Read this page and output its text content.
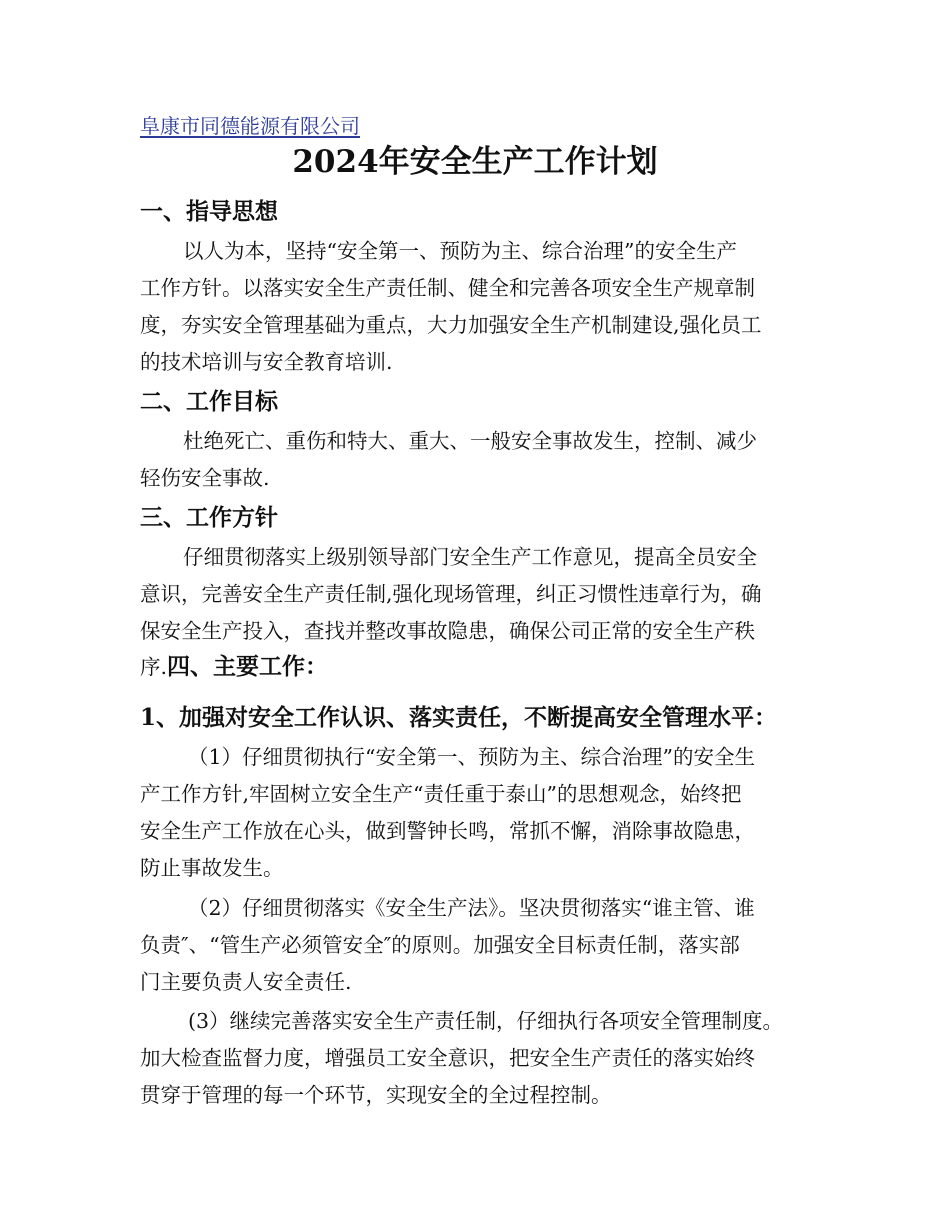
阜康市同德能源有限公司
2024年安全生产工作计划
一、指导思想
以人为本，坚持“安全第一、预防为主、综合治理”的安全生产
工作方针。以落实安全生产责任制、健全和完善各项安全生产规章制
度，夯实安全管理基础为重点，大力加强安全生产机制建设,强化员工
的技术培训与安全教育培训.
二、工作目标
杜绝死亡、重伤和特大、重大、一般安全事故发生，控制、减少
轻伤安全事故.
三、工作方针
仔细贯彻落实上级别领导部门安全生产工作意见，提高全员安全
意识，完善安全生产责任制,强化现场管理，纠正习惯性违章行为，确
保安全生产投入，查找并整改事故隐患，确保公司正常的安全生产秩
序.四、主要工作：
1、加强对安全工作认识、落实责任，不断提高安全管理水平：
（1）仔细贯彻执行“安全第一、预防为主、综合治理”的安全生
产工作方针,牢固树立安全生产“责任重于泰山”的思想观念，始终把
安全生产工作放在心头，做到警钟长鸣，常抓不懈，消除事故隐患，
防止事故发生。
（2）仔细贯彻落实《安全生产法》。坚决贯彻落实“谁主管、谁
负责″、“管生产必须管安全″的原则。加强安全目标责任制，落实部
门主要负责人安全责任.
(3）继续完善落实安全生产责任制，仔细执行各项安全管理制度。
加大检查监督力度，增强员工安全意识，把安全生产责任的落实始终
贯穿于管理的每一个环节，实现安全的全过程控制。
